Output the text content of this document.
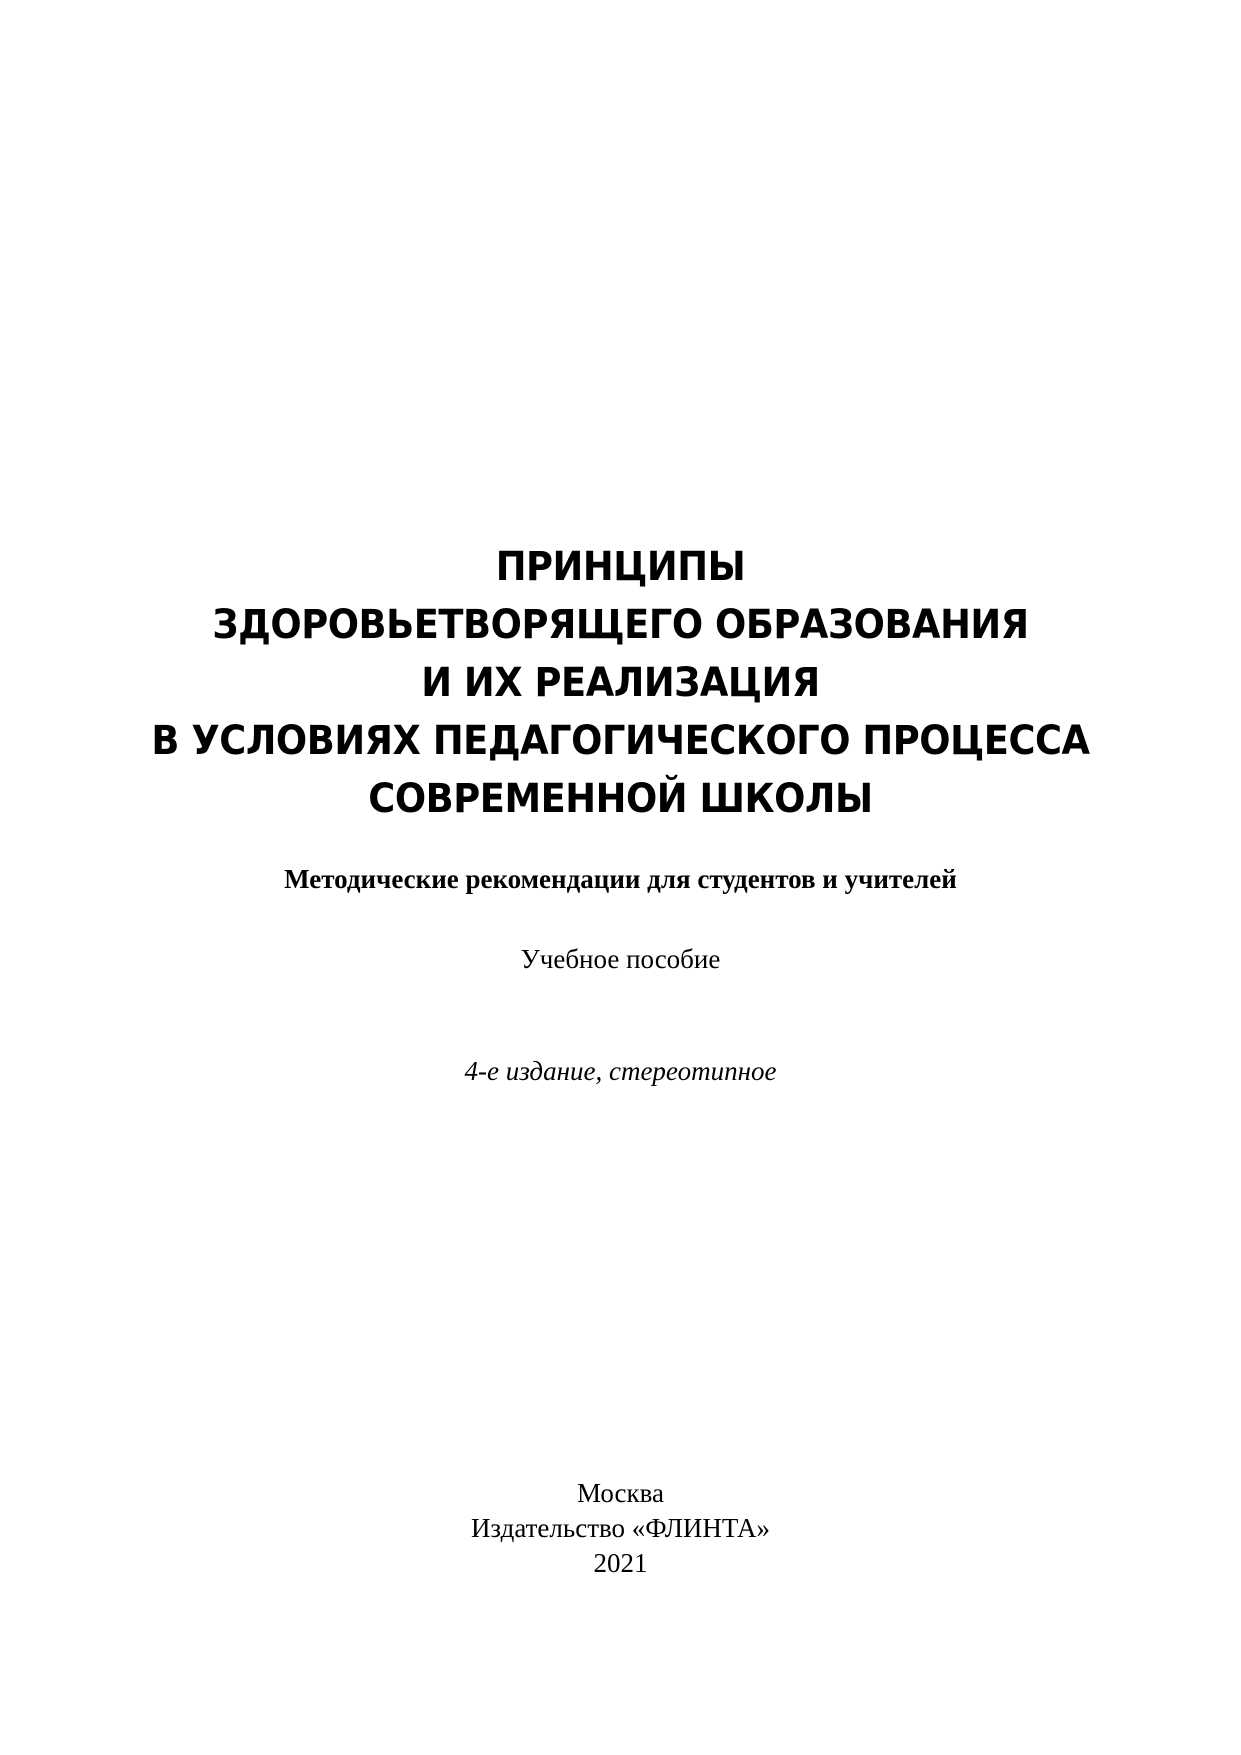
ПРИНЦИПЫ
ЗДОРОВЬЕТВОРЯЩЕГО ОБРАЗОВАНИЯ
И ИХ РЕАЛИЗАЦИЯ
В УСЛОВИЯХ ПЕДАГОГИЧЕСКОГО ПРОЦЕССА
СОВРЕМЕННОЙ ШКОЛЫ
Методические рекомендации для студентов и учителей
Учебное пособие
4-е издание, стереотипное
Москва
Издательство «ФЛИНТА»
2021
